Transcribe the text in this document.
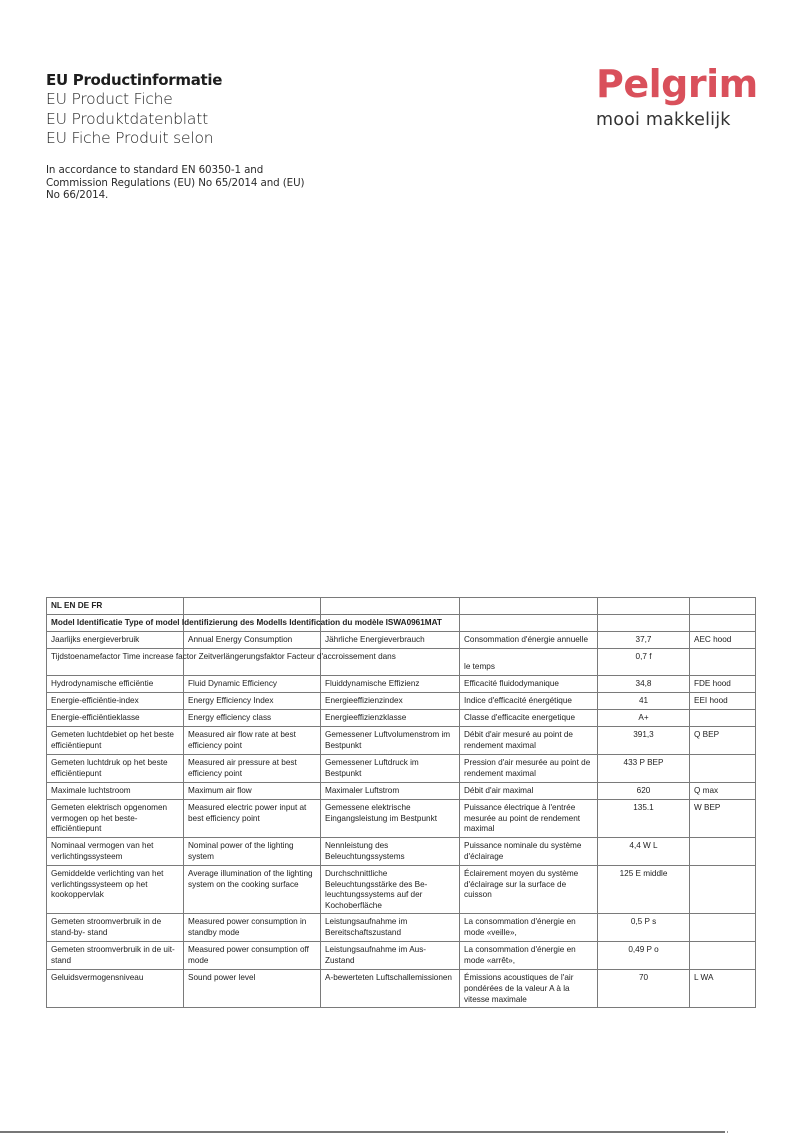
EU Productinformatie
EU Product Fiche
EU Produktdatenblatt
EU Fiche Produit selon
In accordance to standard EN 60350-1 and Commission Regulations (EU) No 65/2014 and (EU) No 66/2014.
Pelgrim
mooi makkelijk
NL EN DE FR					

Model Identificatie Type of model Identifizierung des Modells Identification du modèle ISWA0961MAT					

Jaarlijks energieverbruik	Annual Energy Consumption	Jährliche Energieverbrauch	Consommation d'énergie annuelle	37,7	AEC hood

Tijdstoenamefactor Time increase factor Zeitverlängerungsfaktor Facteur d'accroissement dans			le temps	0,7 f	
Hydrodynamische efficiëntie	Fluid Dynamic Efficiency	Fluiddynamische Effizienz	Efficacité fluidodymanique	34,8	FDE hood
Energie-efficiëntie-index	Energy Efficiency Index	Energieeffizienzindex	Indice d'efficacité énergétique	41	EEI hood
Energie-efficiëntieklasse	Energy efficiency class	Energieeffizienzklasse	Classe d'efficacite energetique	A+	
Gemeten luchtdebiet op het beste efficiëntiepunt	Measured air flow rate at best efficiency point	Gemessener Luftvolumenstrom im Bestpunkt	Débit d'air mesuré au point de rendement maximal	391,3	Q BEP
Gemeten luchtdruk op het beste efficiëntiepunt	Measured air pressure at best efficiency point	Gemessener Luftdruck im Bestpunkt	Pression d'air mesurée au point de rendement maximal	433 P BEP	
Maximale luchtstroom	Maximum air flow	Maximaler Luftstrom	Débit d'air maximal	620	Q max
Gemeten elektrisch opgenomen vermogen op het beste-efficiëntiepunt	Measured electric power input at best efficiency point	Gemessene elektrische Eingangsleistung im Bestpunkt	Puissance électrique à l'entrée mesurée au point de rendement maximal	135.1	W BEP
Nominaal vermogen van het verlichtingssysteem	Nominal power of the lighting system	Nennleistung des Beleuchtungssystems	Puissance nominale du système d'éclairage	4,4 W L	
Gemiddelde verlichting van het verlichtingssysteem op het kookoppervlak	Average illumination of the lighting system on the cooking surface	Durchschnittliche Beleuchtungsstärke des Be-leuchtungssystems auf der Kochoberfläche	Éclairement moyen du système d'éclairage sur la surface de cuisson	125 E middle	
Gemeten stroomverbruik in de stand-by- stand	Measured power consumption in standby mode	Leistungsaufnahme im Bereitschaftszustand	La consommation d'énergie en mode «veille»,	0,5 P s	
Gemeten stroomverbruik in de uit-stand	Measured power consumption off mode	Leistungsaufnahme im Aus-Zustand	La consommation d'énergie en mode «arrêt»,	0,49 P o	
Geluidsvermogensniveau	Sound power level	A-bewerteten Luftschallemissionen	Émissions acoustiques de l'air pondérées de la valeur A à la vitesse maximale	70	L WA
